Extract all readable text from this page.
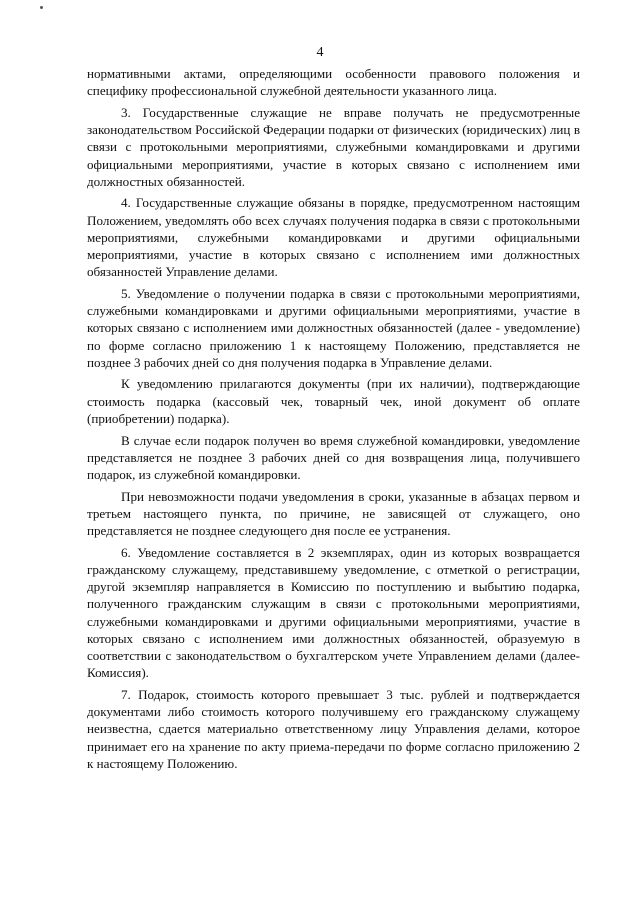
4

нормативными актами, определяющими особенности правового положения и специфику профессиональной служебной деятельности указанного лица.

3. Государственные служащие не вправе получать не предусмотренные законодательством Российской Федерации подарки от физических (юридических) лиц в связи с протокольными мероприятиями, служебными командировками и другими официальными мероприятиями, участие в которых связано с исполнением ими должностных обязанностей.

4. Государственные служащие обязаны в порядке, предусмотренном настоящим Положением, уведомлять обо всех случаях получения подарка в связи с протокольными мероприятиями, служебными командировками и другими официальными мероприятиями, участие в которых связано с исполнением ими должностных обязанностей Управление делами.

5. Уведомление о получении подарка в связи с протокольными мероприятиями, служебными командировками и другими официальными мероприятиями, участие в которых связано с исполнением ими должностных обязанностей (далее - уведомление) по форме согласно приложению 1 к настоящему Положению, представляется не позднее 3 рабочих дней со дня получения подарка в Управление делами.

К уведомлению прилагаются документы (при их наличии), подтверждающие стоимость подарка (кассовый чек, товарный чек, иной документ об оплате (приобретении) подарка).

В случае если подарок получен во время служебной командировки, уведомление представляется не позднее 3 рабочих дней со дня возвращения лица, получившего подарок, из служебной командировки.

При невозможности подачи уведомления в сроки, указанные в абзацах первом и третьем настоящего пункта, по причине, не зависящей от служащего, оно представляется не позднее следующего дня после ее устранения.

6. Уведомление составляется в 2 экземплярах, один из которых возвращается гражданскому служащему, представившему уведомление, с отметкой о регистрации, другой экземпляр направляется в Комиссию по поступлению и выбытию подарка, полученного гражданским служащим в связи с протокольными мероприятиями, служебными командировками и другими официальными мероприятиями, участие в которых связано с исполнением ими должностных обязанностей, образуемую в соответствии с законодательством о бухгалтерском учете Управлением делами (далее-Комиссия).

7. Подарок, стоимость которого превышает 3 тыс. рублей и подтверждается документами либо стоимость которого получившему его гражданскому служащему неизвестна, сдается материально ответственному лицу Управления делами, которое принимает его на хранение по акту приема-передачи по форме согласно приложению 2 к настоящему Положению.
